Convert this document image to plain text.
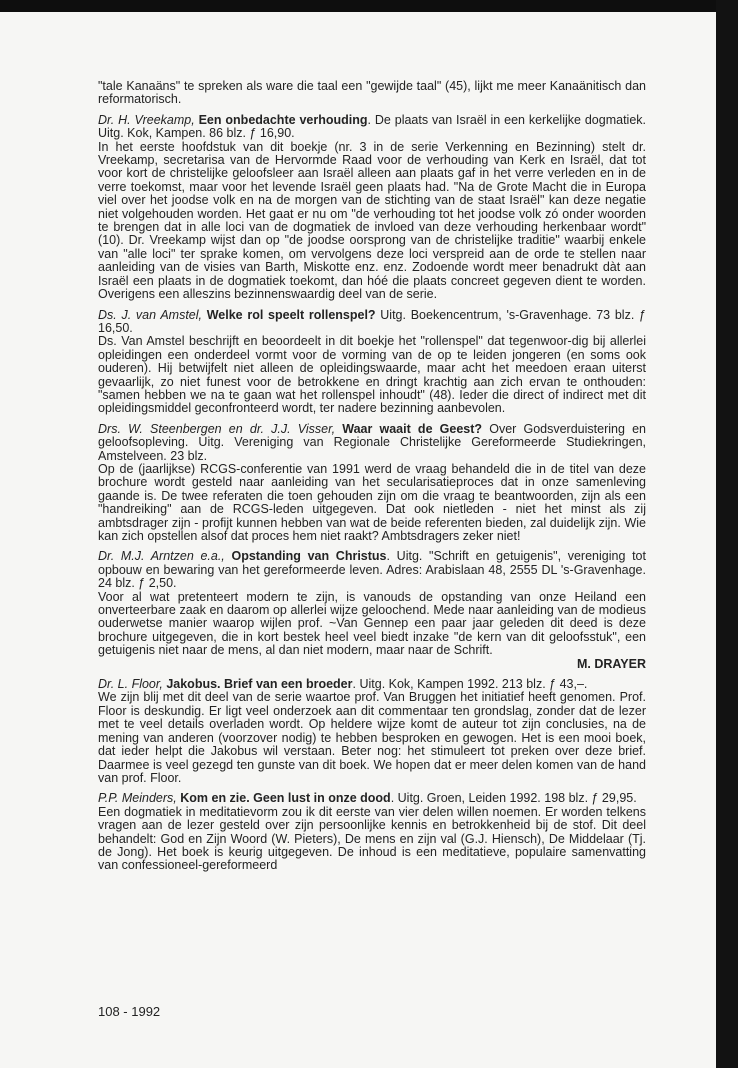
"tale Kanaäns" te spreken als ware die taal een "gewijde taal" (45), lijkt me meer Kanaänitisch dan reformatorisch.

Dr. H. Vreekamp, Een onbedachte verhouding. De plaats van Israël in een kerkelijke dogmatiek. Uitg. Kok, Kampen. 86 blz. ƒ 16,90.

In het eerste hoofdstuk van dit boekje (nr. 3 in de serie Verkenning en Bezinning) stelt dr. Vreekamp, secretarisa van de Hervormde Raad voor de verhouding van Kerk en Israël, dat tot voor kort de christelijke geloofsleer aan Israël alleen aan plaats gaf in het verre verleden en in de verre toekomst, maar voor het levende Israël geen plaats had. "Na de Grote Macht die in Europa viel over het joodse volk en na de morgen van de stichting van de staat Israël" kan deze negatie niet volgehouden worden. Het gaat er nu om "de verhouding tot het joodse volk zó onder woorden te brengen dat in alle loci van de dogmatiek de invloed van deze verhouding herkenbaar wordt" (10). Dr. Vreekamp wijst dan op "de joodse oorsprong van de christelijke traditie" waarbij enkele van "alle loci" ter sprake komen, om vervolgens deze loci verspreid aan de orde te stellen naar aanleiding van de visies van Barth, Miskotte enz. enz. Zodoende wordt meer benadrukt dàt aan Israël een plaats in de dogmatiek toekomt, dan hóé die plaats concreet gegeven dient te worden. Overigens een alleszins bezinnenswaardig deel van de serie.

Ds. J. van Amstel, Welke rol speelt rollenspel? Uitg. Boekencentrum, 's-Gravenhage. 73 blz. ƒ 16,50.

Ds. Van Amstel beschrijft en beoordeelt in dit boekje het "rollenspel" dat tegenwoor-dig bij allerlei opleidingen een onderdeel vormt voor de vorming van de op te leiden jongeren (en soms ook ouderen). Hij betwijfelt niet alleen de opleidingswaarde, maar acht het meedoen eraan uiterst gevaarlijk, zo niet funest voor de betrokkene en dringt krachtig aan zich ervan te onthouden: "samen hebben we na te gaan wat het rollenspel inhoudt" (48). Ieder die direct of indirect met dit opleidingsmiddel geconfronteerd wordt, ter nadere bezinning aanbevolen.

Drs. W. Steenbergen en dr. J.J. Visser, Waar waait de Geest? Over Godsverduistering en geloofsopleving. Uitg. Vereniging van Regionale Christelijke Gereformeerde Studiekringen, Amstelveen. 23 blz.

Op de (jaarlijkse) RCGS-conferentie van 1991 werd de vraag behandeld die in de titel van deze brochure wordt gesteld naar aanleiding van het secularisatieproces dat in onze samenleving gaande is. De twee referaten die toen gehouden zijn om die vraag te beantwoorden, zijn als een "handreiking" aan de RCGS-leden uitgegeven. Dat ook nietleden - niet het minst als zij ambtsdrager zijn - profijt kunnen hebben van wat de beide referenten bieden, zal duidelijk zijn. Wie kan zich opstellen alsof dat proces hem niet raakt? Ambtsdragers zeker niet!

Dr. M.J. Arntzen e.a., Opstanding van Christus. Uitg. "Schrift en getuigenis", vereniging tot opbouw en bewaring van het gereformeerde leven. Adres: Arabislaan 48, 2555 DL 's-Gravenhage. 24 blz. ƒ 2,50.

Voor al wat pretenteert modern te zijn, is vanouds de opstanding van onze Heiland een onverteerbare zaak en daarom op allerlei wijze geloochend. Mede naar aanleiding van de modieus ouderwetse manier waarop wijlen prof. ~Van Gennep een paar jaar geleden dit deed is deze brochure uitgegeven, die in kort bestek heel veel biedt inzake "de kern van dit geloofsstuk", een getuigenis niet naar de mens, al dan niet modern, maar naar de Schrift.

M. DRAYER

Dr. L. Floor, Jakobus. Brief van een broeder. Uitg. Kok, Kampen 1992. 213 blz. ƒ 43,–.

We zijn blij met dit deel van de serie waartoe prof. Van Bruggen het initiatief heeft genomen. Prof. Floor is deskundig. Er ligt veel onderzoek aan dit commentaar ten grondslag, zonder dat de lezer met te veel details overladen wordt. Op heldere wijze komt de auteur tot zijn conclusies, na de mening van anderen (voorzover nodig) te hebben besproken en gewogen. Het is een mooi boek, dat ieder helpt die Jakobus wil verstaan. Beter nog: het stimuleert tot preken over deze brief. Daarmee is veel gezegd ten gunste van dit boek. We hopen dat er meer delen komen van de hand van prof. Floor.

P.P. Meinders, Kom en zie. Geen lust in onze dood. Uitg. Groen, Leiden 1992. 198 blz. ƒ 29,95.

Een dogmatiek in meditatievorm zou ik dit eerste van vier delen willen noemen. Er worden telkens vragen aan de lezer gesteld over zijn persoonlijke kennis en betrokkenheid bij de stof. Dit deel behandelt: God en Zijn Woord (W. Pieters), De mens en zijn val (G.J. Hiensch), De Middelaar (Tj. de Jong). Het boek is keurig uitgegeven. De inhoud is een meditatieve, populaire samenvatting van confessioneel-gereformeerd

108 - 1992
